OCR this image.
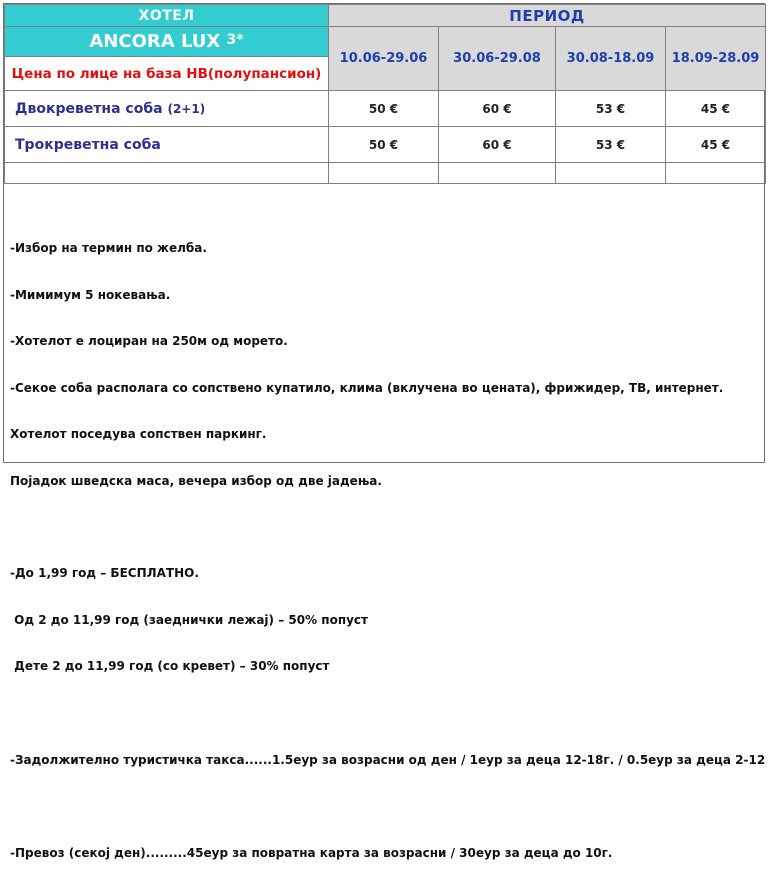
ХОТЕЛ	ПЕРИОД			
ANCORA LUX 3*	10.06-29.06	30.06-29.08	30.08-18.09	18.09-28.09
Цена по лице на база НВ(полупансион)				
Двокреветна соба (2+1)	50 €	60 €	53 €	45 €
Трокреветна соба	50 €	60 €	53 €	45 €

-Избор на термин по желба.

-Мимимум 5 нокевања.

-Хотелот е лоциран на 250м од морето.

-Секое соба располага со сопствено купатило, клима (вклучена во цената), фрижидер, ТВ, интернет.

Хотелот поседува сопствен паркинг.

Појадок шведска маса, вечера избор од две јадења.

-До 1,99 год – БЕСПЛАТНО.

Од 2 до 11,99 год (заеднички лежај) – 50% попуст

Дете 2 до 11,99 год (со кревет) – 30% попуст

-Задолжително туристичка такса......1.5еур за возрасни од ден / 1еур за деца 12-18г. / 0.5еур за деца 2-12

-Превоз (секој ден).........45еур за повратна карта за возрасни / 30еур за деца до 10г.
